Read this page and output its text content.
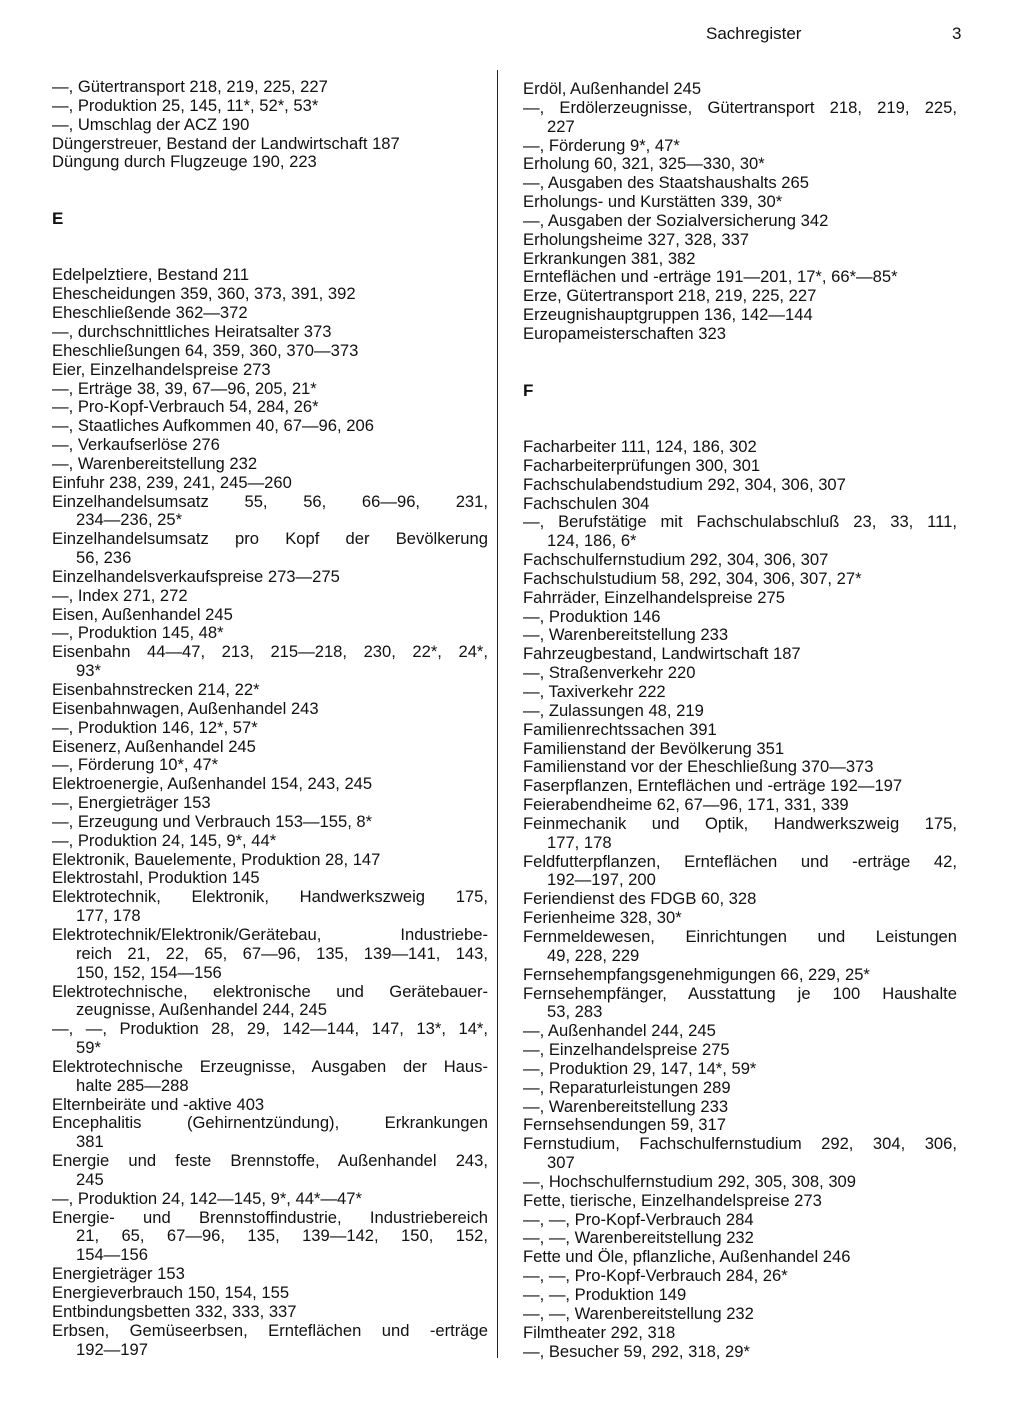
Sachregister	3
—, Gütertransport 218, 219, 225, 227
—, Produktion 25, 145, 11*, 52*, 53*
—, Umschlag der ACZ 190
Düngerstreuer, Bestand der Landwirtschaft 187
Düngung durch Flugzeuge 190, 223
E
Edelpelztiere, Bestand 211
Ehescheidungen 359, 360, 373, 391, 392
Eheschließende 362—372
—, durchschnittliches Heiratsalter 373
Eheschließungen 64, 359, 360, 370—373
Eier, Einzelhandelspreise 273
—, Erträge 38, 39, 67—96, 205, 21*
—, Pro-Kopf-Verbrauch 54, 284, 26*
—, Staatliches Aufkommen 40, 67—96, 206
—, Verkaufserlöse 276
—, Warenbereitstellung 232
Einfuhr 238, 239, 241, 245—260
Einzelhandelsumsatz 55, 56, 66—96, 231,
234—236, 25*
Einzelhandelsumsatz pro Kopf der Bevölkerung
56, 236
Einzelhandelsverkaufspreise 273—275
—, Index 271, 272
Eisen, Außenhandel 245
—, Produktion 145, 48*
Eisenbahn 44—47, 213, 215—218, 230, 22*, 24*,
93*
Eisenbahnstrecken 214, 22*
Eisenbahnwagen, Außenhandel 243
—, Produktion 146, 12*, 57*
Eisenerz, Außenhandel 245
—, Förderung 10*, 47*
Elektroenergie, Außenhandel 154, 243, 245
—, Energieträger 153
—, Erzeugung und Verbrauch 153—155, 8*
—, Produktion 24, 145, 9*, 44*
Elektronik, Bauelemente, Produktion 28, 147
Elektrostahl, Produktion 145
Elektrotechnik, Elektronik, Handwerkszweig 175,
177, 178
Elektrotechnik/Elektronik/Gerätebau, Industriebe-
reich 21, 22, 65, 67—96, 135, 139—141, 143,
150, 152, 154—156
Elektrotechnische, elektronische und Gerätebauer-
zeugnisse, Außenhandel 244, 245
—, —, Produktion 28, 29, 142—144, 147, 13*, 14*,
59*
Elektrotechnische Erzeugnisse, Ausgaben der Haus-
halte 285—288
Elternbeiräte und -aktive 403
Encephalitis (Gehirnentzündung), Erkrankungen
381
Energie und feste Brennstoffe, Außenhandel 243,
245
—, Produktion 24, 142—145, 9*, 44*—47*
Energie- und Brennstoffindustrie, Industriebereich
21, 65, 67—96, 135, 139—142, 150, 152,
154—156
Energieträger 153
Energieverbrauch 150, 154, 155
Entbindungsbetten 332, 333, 337
Erbsen, Gemüseerbsen, Ernteflächen und -erträge
192—197
Erdöl, Außenhandel 245
—, Erdölerzeugnisse, Gütertransport 218, 219, 225,
227
—, Förderung 9*, 47*
Erholung 60, 321, 325—330, 30*
—, Ausgaben des Staatshaushalts 265
Erholungs- und Kurstätten 339, 30*
—, Ausgaben der Sozialversicherung 342
Erholungsheime 327, 328, 337
Erkrankungen 381, 382
Ernteflächen und -erträge 191—201, 17*, 66*—85*
Erze, Gütertransport 218, 219, 225, 227
Erzeugnishauptgruppen 136, 142—144
Europameisterschaften 323
F
Facharbeiter 111, 124, 186, 302
Facharbeiterprüfungen 300, 301
Fachschulabendstudium 292, 304, 306, 307
Fachschulen 304
—, Berufstätige mit Fachschulabschluß 23, 33, 111,
124, 186, 6*
Fachschulfernstudium 292, 304, 306, 307
Fachschulstudium 58, 292, 304, 306, 307, 27*
Fahrräder, Einzelhandelspreise 275
—, Produktion 146
—, Warenbereitstellung 233
Fahrzeugbestand, Landwirtschaft 187
—, Straßenverkehr 220
—, Taxiverkehr 222
—, Zulassungen 48, 219
Familienrechtssachen 391
Familienstand der Bevölkerung 351
Familienstand vor der Eheschließung 370—373
Faserpflanzen, Ernteflächen und -erträge 192—197
Feierabendheime 62, 67—96, 171, 331, 339
Feinmechanik und Optik, Handwerkszweig 175,
177, 178
Feldfutterpflanzen, Ernteflächen und -erträge 42,
192—197, 200
Feriendienst des FDGB 60, 328
Ferienheime 328, 30*
Fernmeldewesen, Einrichtungen und Leistungen
49, 228, 229
Fernsehempfangsgenehmigungen 66, 229, 25*
Fernsehempfänger, Ausstattung je 100 Haushalte
53, 283
—, Außenhandel 244, 245
—, Einzelhandelspreise 275
—, Produktion 29, 147, 14*, 59*
—, Reparaturleistungen 289
—, Warenbereitstellung 233
Fernsehsendungen 59, 317
Fernstudium, Fachschulfernstudium 292, 304, 306,
307
—, Hochschulfernstudium 292, 305, 308, 309
Fette, tierische, Einzelhandelspreise 273
—, —, Pro-Kopf-Verbrauch 284
—, —, Warenbereitstellung 232
Fette und Öle, pflanzliche, Außenhandel 246
—, —, Pro-Kopf-Verbrauch 284, 26*
—, —, Produktion 149
—, —, Warenbereitstellung 232
Filmtheater 292, 318
—, Besucher 59, 292, 318, 29*
